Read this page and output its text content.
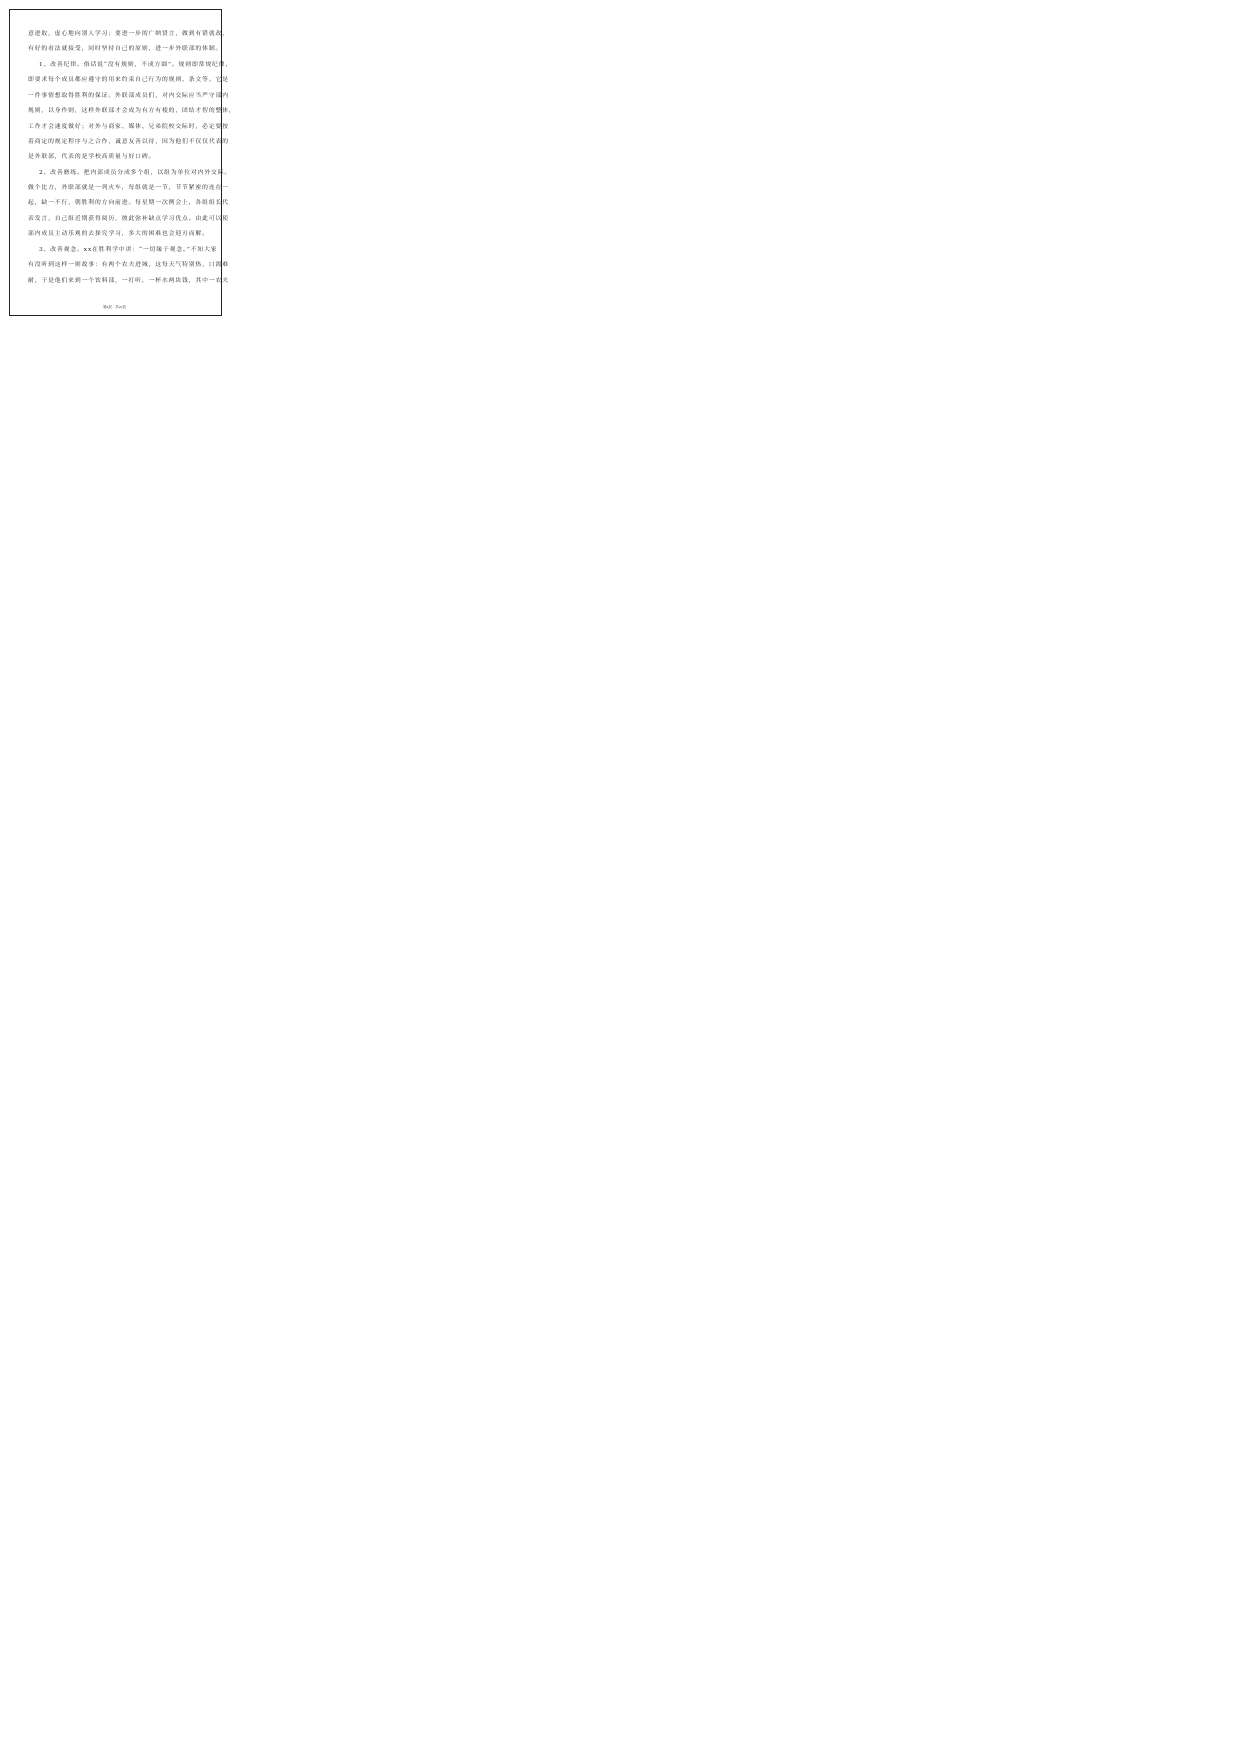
意进取，虚心地向别人学习；要进一步的广纳贤言，做到有错就改，
有好的看法就接受，同时坚持自己的原则，进一步外联部的体制。
1、改善纪律。俗话说“没有规则，不成方圆”。规则即常规纪律，
即要求每个成员都应遵守的用来约束自己行为的规则、条文等。它是
一件事情想取得胜利的保证。外联部成员们，对内交际应当严守部内
规则，以身作则，这样外联部才会成为有方有棱的，团结才智的整体，
工作才会速度做好；对外与商家、媒体、兄弟院校交际时，必定要按
着商定的规定程序与之合作，诚意友善以待，因为他们不仅仅代表的
是外联部，代表的是学校高质量与好口碑。
2、改善磨练。把内部成员分成多个组，以组为单位对内外交际。
做个比方，外联部就是一列火车，每组就是一节，节节紧密的连在一
起，缺一不行，朝胜利的方向前进。每星期一次例会上，各组组长代
表发言，自己组近期获得阅历，彼此弥补缺点学习优点。由此可以使
部内成员主动乐观的去探究学习，多大的困难也会迎刃而解。
3、改善观念。xx在胜利学中讲：“一切缘于观念。”不知大家
有没听到这样一则故事：有两个农夫进城，这每天气特别热，口渴难
耐，于是他们来到一个饮料部，一打听，一杯水两块钱，其中一农夫
第6页　共22页
